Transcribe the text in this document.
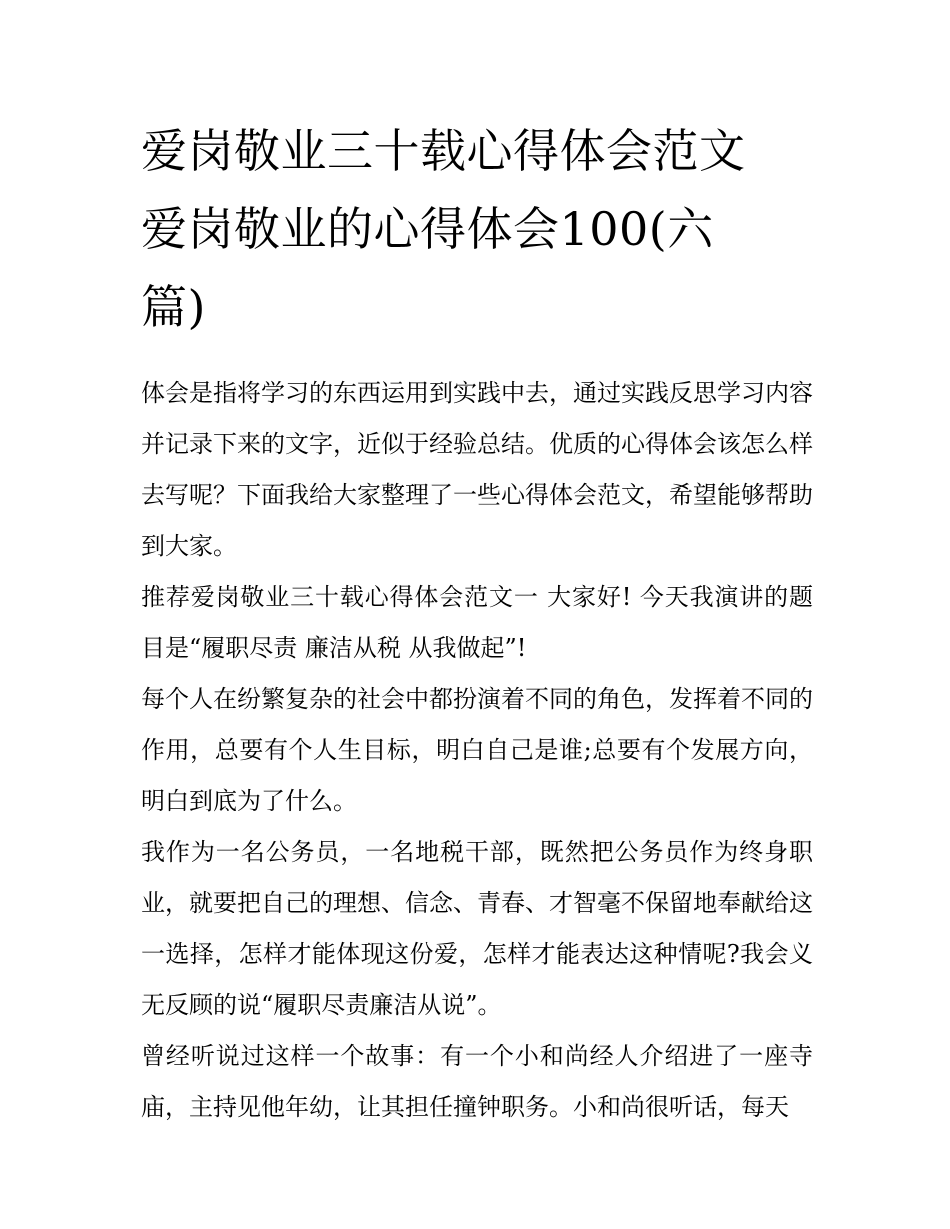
爱岗敬业三十载心得体会范文
爱岗敬业的心得体会100(六
篇)

体会是指将学习的东西运用到实践中去，通过实践反思学习内容并记录下来的文字，近似于经验总结。优质的心得体会该怎么样去写呢？下面我给大家整理了一些心得体会范文，希望能够帮助到大家。

推荐爱岗敬业三十载心得体会范文一 大家好! 今天我演讲的题目是“履职尽责 廉洁从税 从我做起”!

每个人在纷繁复杂的社会中都扮演着不同的角色，发挥着不同的作用，总要有个人生目标，明白自己是谁;总要有个发展方向，明白到底为了什么。

我作为一名公务员，一名地税干部，既然把公务员作为终身职业，就要把自己的理想、信念、青春、才智毫不保留地奉献给这一选择，怎样才能体现这份爱，怎样才能表达这种情呢?我会义无反顾的说“履职尽责廉洁从说”。

曾经听说过这样一个故事：有一个小和尚经人介绍进了一座寺庙，主持见他年幼，让其担任撞钟职务。小和尚很听话，每天
